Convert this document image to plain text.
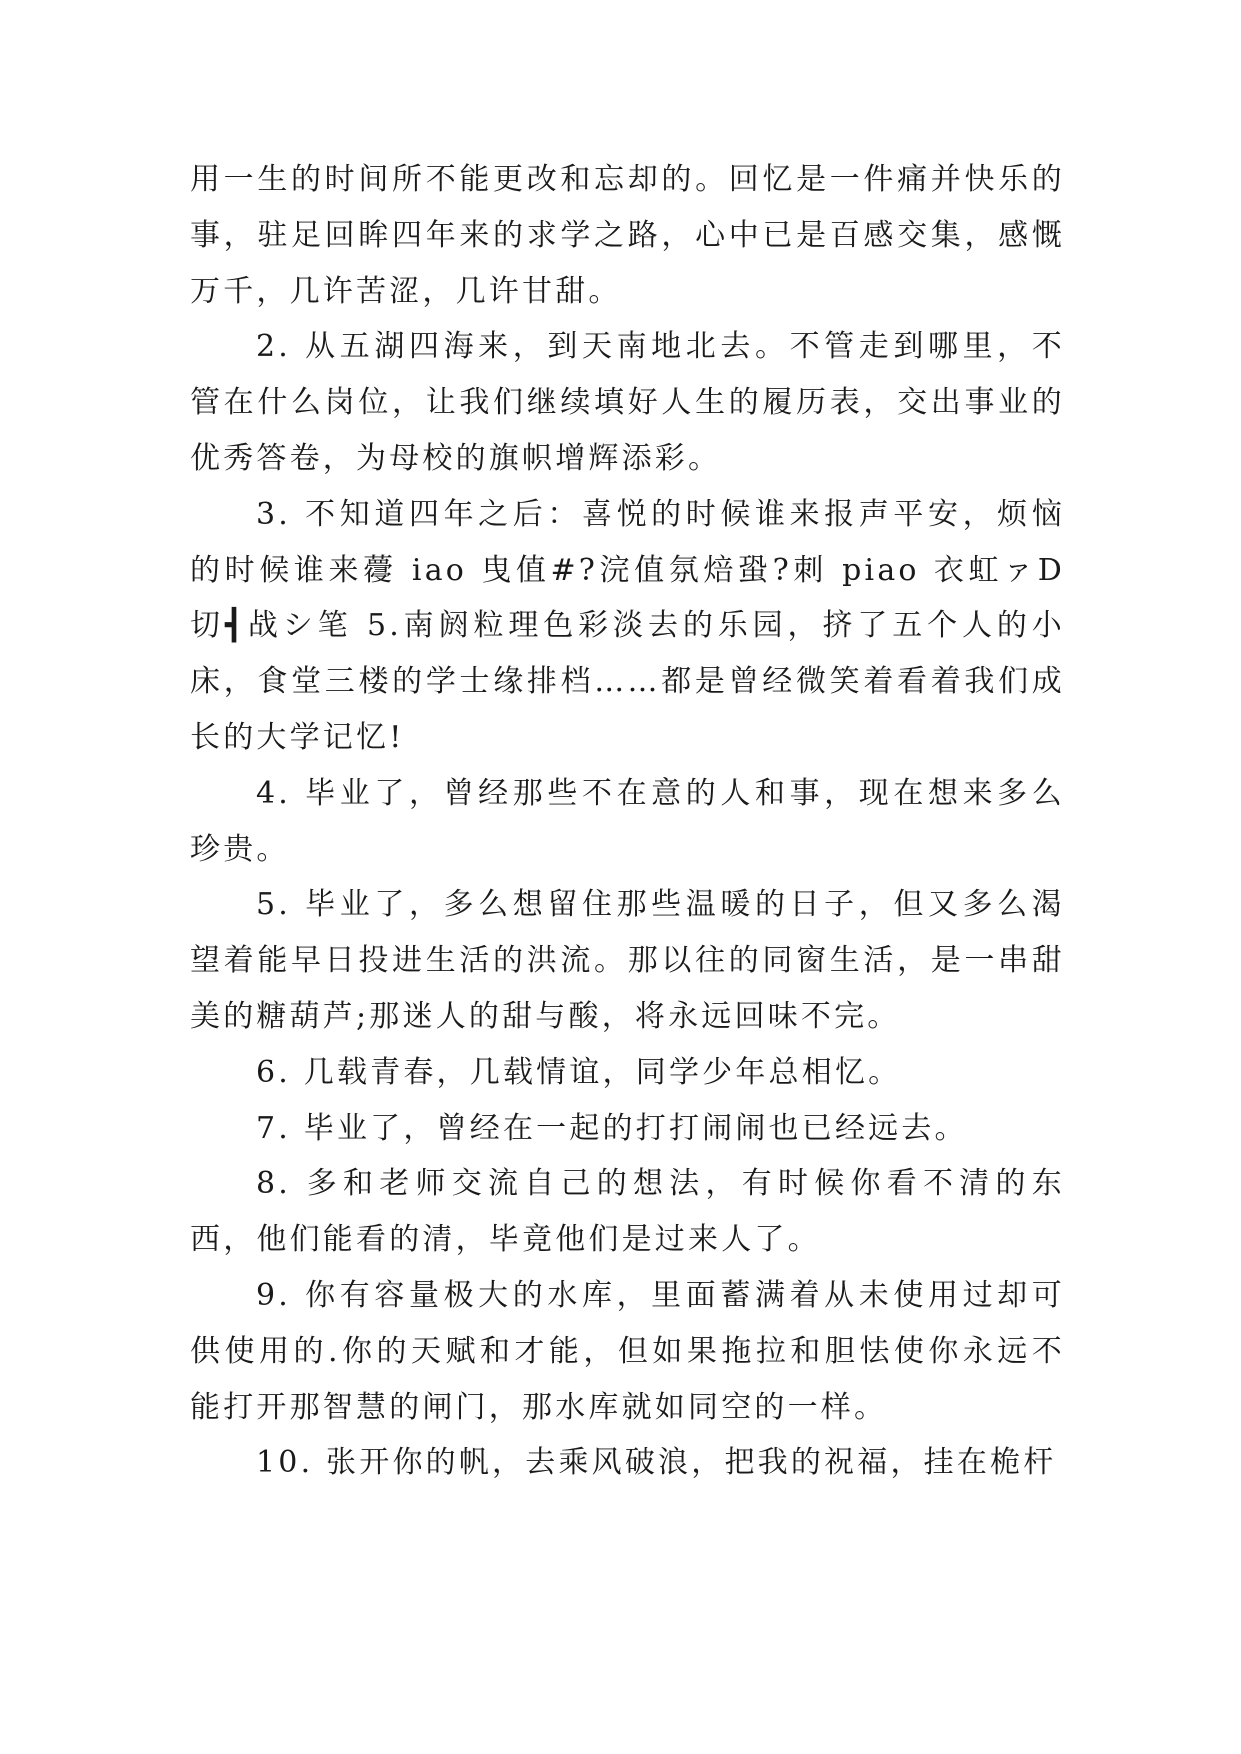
用一生的时间所不能更改和忘却的。回忆是一件痛并快乐的事，驻足回眸四年来的求学之路，心中已是百感交集，感慨万千，几许苦涩，几许甘甜。

2. 从五湖四海来，到天南地北去。不管走到哪里，不管在什么岗位，让我们继续填好人生的履历表，交出事业的优秀答卷，为母校的旗帜增辉添彩。

3. 不知道四年之后：喜悦的时候谁来报声平安，烦恼的时候谁来蘉 iao 曳值#?浣值氛焙蛩?刺 piao 衣虹ァD 切┫战シ笔 5.南阏粒理色彩淡去的乐园，挤了五个人的小床，食堂三楼的学士缘排档……都是曾经微笑着看着我们成长的大学记忆!

4. 毕业了，曾经那些不在意的人和事，现在想来多么珍贵。

5. 毕业了，多么想留住那些温暖的日子，但又多么渴望着能早日投进生活的洪流。那以往的同窗生活，是一串甜美的糖葫芦;那迷人的甜与酸，将永远回味不完。

6. 几载青春，几载情谊，同学少年总相忆。

7. 毕业了，曾经在一起的打打闹闹也已经远去。

8. 多和老师交流自己的想法，有时候你看不清的东西，他们能看的清，毕竟他们是过来人了。

9. 你有容量极大的水库，里面蓄满着从未使用过却可供使用的.你的天赋和才能，但如果拖拉和胆怯使你永远不能打开那智慧的闸门，那水库就如同空的一样。

10. 张开你的帆，去乘风破浪，把我的祝福，挂在桅杆
